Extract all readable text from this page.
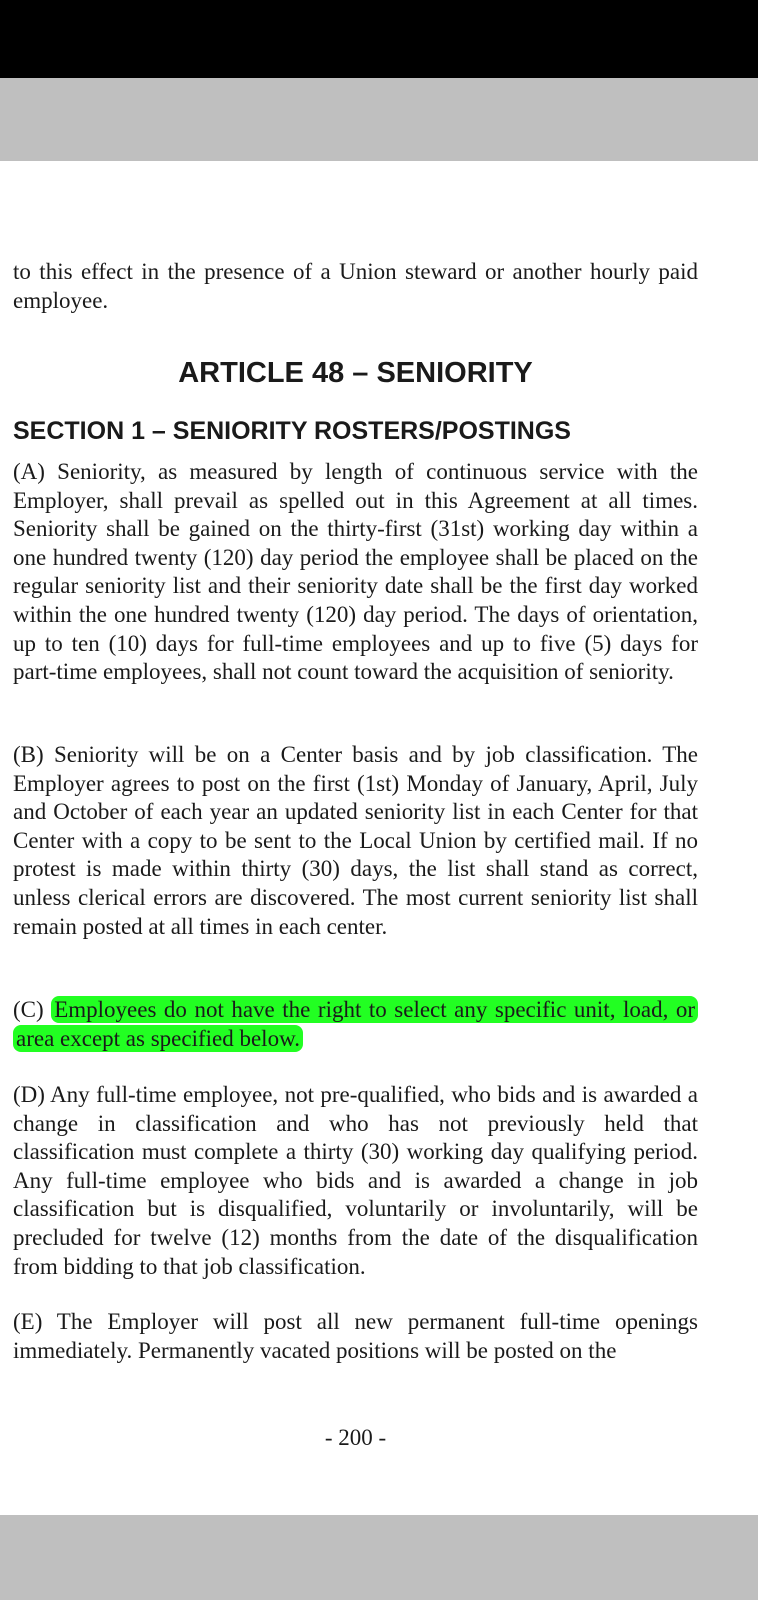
to this effect in the presence of a Union steward or another hourly paid employee.

ARTICLE 48 – SENIORITY
SECTION 1 – SENIORITY ROSTERS/POSTINGS

(A) Seniority, as measured by length of continuous service with the Employer, shall prevail as spelled out in this Agreement at all times. Seniority shall be gained on the thirty-first (31st) working day within a one hundred twenty (120) day period the employee shall be placed on the regular seniority list and their seniority date shall be the first day worked within the one hundred twenty (120) day period. The days of orientation, up to ten (10) days for full-time employees and up to five (5) days for part-time employees, shall not count toward the acquisition of seniority.

(B) Seniority will be on a Center basis and by job classification. The Employer agrees to post on the first (1st) Monday of January, April, July and October of each year an updated seniority list in each Center for that Center with a copy to be sent to the Local Union by certified mail. If no protest is made within thirty (30) days, the list shall stand as correct, unless clerical errors are discovered. The most current seniority list shall remain posted at all times in each center.

(C) Employees do not have the right to select any specific unit, load, or area except as specified below.

(D) Any full-time employee, not pre-qualified, who bids and is awarded a change in classification and who has not previously held that classification must complete a thirty (30) working day qualifying period. Any full-time employee who bids and is awarded a change in job classification but is disqualified, voluntarily or involuntarily, will be precluded for twelve (12) months from the date of the disqualification from bidding to that job classification.

(E) The Employer will post all new permanent full-time openings immediately. Permanently vacated positions will be posted on the

- 200 -
